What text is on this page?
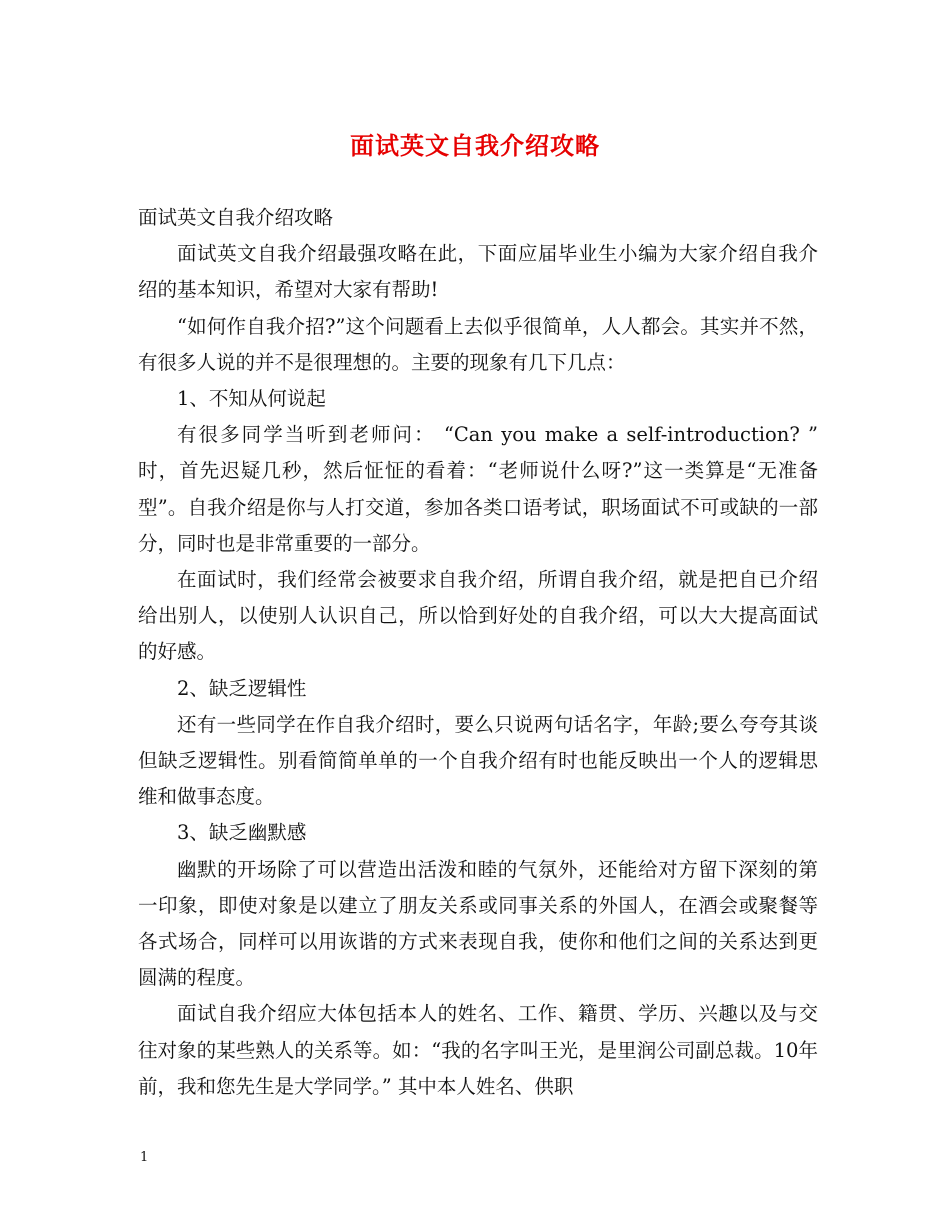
面试英文自我介绍攻略

面试英文自我介绍攻略

面试英文自我介绍最强攻略在此，下面应届毕业生小编为大家介绍自我介绍的基本知识，希望对大家有帮助!

“如何作自我介招?”这个问题看上去似乎很简单，人人都会。其实并不然，有很多人说的并不是很理想的。主要的现象有几下几点：

1、不知从何说起

有很多同学当听到老师问： “Can you make a self-introduction? ” 时，首先迟疑几秒，然后怔怔的看着：“老师说什么呀?”这一类算是“无准备型”。自我介绍是你与人打交道，参加各类口语考试，职场面试不可或缺的一部分，同时也是非常重要的一部分。

在面试时，我们经常会被要求自我介绍，所谓自我介绍，就是把自已介绍给出别人，以使别人认识自己，所以恰到好处的自我介绍，可以大大提高面试的好感。

2、缺乏逻辑性

还有一些同学在作自我介绍时，要么只说两句话名字，年龄;要么夸夸其谈但缺乏逻辑性。别看简简单单的一个自我介绍有时也能反映出一个人的逻辑思维和做事态度。

3、缺乏幽默感

幽默的开场除了可以营造出活泼和睦的气氛外，还能给对方留下深刻的第一印象，即使对象是以建立了朋友关系或同事关系的外国人，在酒会或聚餐等各式场合，同样可以用诙谐的方式来表现自我，使你和他们之间的关系达到更圆满的程度。

面试自我介绍应大体包括本人的姓名、工作、籍贯、学历、兴趣以及与交往对象的某些熟人的关系等。如：“我的名字叫王光，是里润公司副总裁。10年前，我和您先生是大学同学。” 其中本人姓名、供职

1
